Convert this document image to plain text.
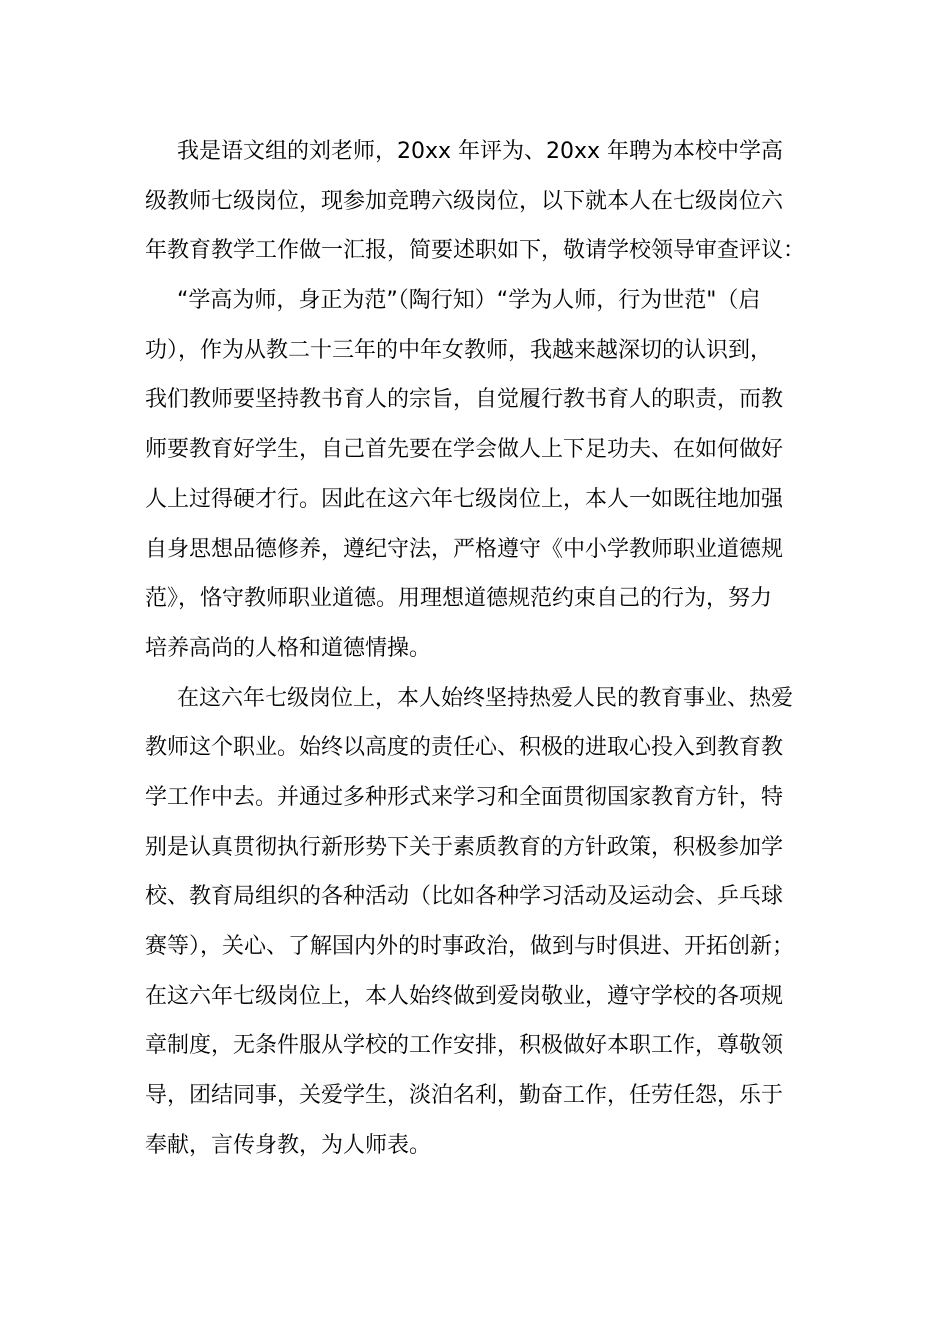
我是语文组的刘老师，20xx 年评为、20xx 年聘为本校中学高
级教师七级岗位，现参加竞聘六级岗位，以下就本人在七级岗位六
年教育教学工作做一汇报，简要述职如下，敬请学校领导审查评议：
“学高为师，身正为范”（陶行知）“学为人师，行为世范"（启
功），作为从教二十三年的中年女教师，我越来越深切的认识到，
我们教师要坚持教书育人的宗旨，自觉履行教书育人的职责，而教
师要教育好学生，自己首先要在学会做人上下足功夫、在如何做好
人上过得硬才行。因此在这六年七级岗位上，本人一如既往地加强
自身思想品德修养，遵纪守法，严格遵守《中小学教师职业道德规
范》，恪守教师职业道德。用理想道德规范约束自己的行为，努力
培养高尚的人格和道德情操。
在这六年七级岗位上，本人始终坚持热爱人民的教育事业、热爱
教师这个职业。始终以高度的责任心、积极的进取心投入到教育教
学工作中去。并通过多种形式来学习和全面贯彻国家教育方针，特
别是认真贯彻执行新形势下关于素质教育的方针政策，积极参加学
校、教育局组织的各种活动（比如各种学习活动及运动会、乒乓球
赛等），关心、了解国内外的时事政治，做到与时俱进、开拓创新；
在这六年七级岗位上，本人始终做到爱岗敬业，遵守学校的各项规
章制度，无条件服从学校的工作安排，积极做好本职工作，尊敬领
导，团结同事，关爱学生，淡泊名利，勤奋工作，任劳任怨，乐于
奉献，言传身教，为人师表。
